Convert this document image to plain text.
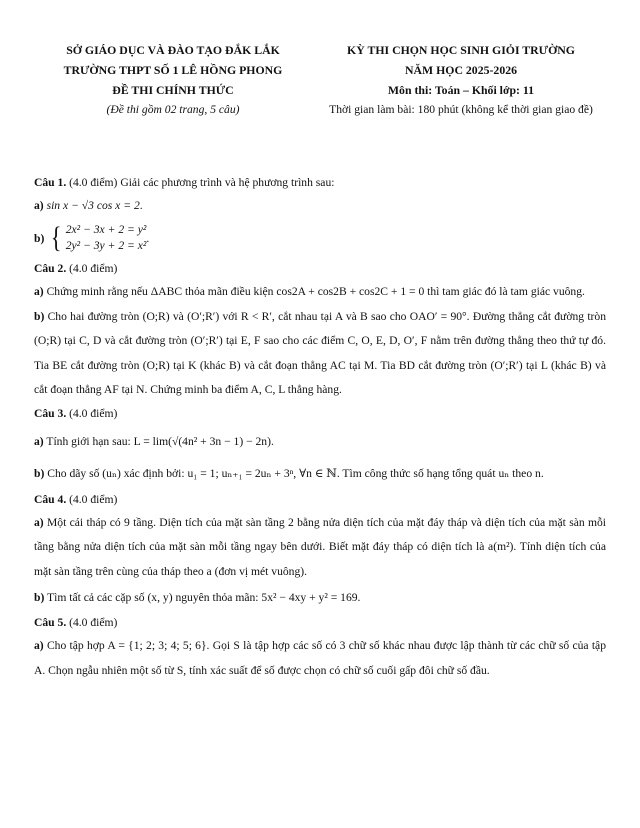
SỞ GIÁO DỤC VÀ ĐÀO TẠO ĐẮK LẮK
TRƯỜNG THPT SỐ 1 LÊ HỒNG PHONG
ĐỀ THI CHÍNH THỨC
(Đề thi gồm 02 trang, 5 câu)
KỲ THI CHỌN HỌC SINH GIỎI TRƯỜNG
NĂM HỌC 2025-2026
Môn thi: Toán – Khối lớp: 11
Thời gian làm bài: 180 phút (không kể thời gian giao đề)

Câu 1. (4.0 điểm) Giải các phương trình và hệ phương trình sau:

a) sin x − √3 cos x = 2.

b) { 2x² − 3x + 2 = y²
2y² − 3y + 2 = x²
.

Câu 2. (4.0 điểm)

a) Chứng minh rằng nếu ΔABC thỏa mãn điều kiện cos2A + cos2B + cos2C + 1 = 0 thì tam giác đó là tam giác vuông.

b) Cho hai đường tròn (O;R) và (O′;R′) với R < R′, cắt nhau tại A và B sao cho OAO′ = 90°. Đường thẳng cắt đường tròn (O;R) tại C, D và cắt đường tròn (O′;R′) tại E, F sao cho các điểm C, O, E, D, O′, F nằm trên đường thẳng theo thứ tự đó. Tia BE cắt đường tròn (O;R) tại K (khác B) và cắt đoạn thẳng AC tại M. Tia BD cắt đường tròn (O′;R′) tại L (khác B) và cắt đoạn thẳng AF tại N. Chứng minh ba điểm A, C, L thẳng hàng.

Câu 3. (4.0 điểm)

a) Tính giới hạn sau: L = lim(√(4n² + 3n − 1) − 2n).

b) Cho dãy số (uₙ) xác định bởi: u₁ = 1; uₙ₊₁ = 2uₙ + 3ⁿ, ∀n ∈ ℕ. Tìm công thức số hạng tổng quát uₙ theo n.

Câu 4. (4.0 điểm)

a) Một cái tháp có 9 tầng. Diện tích của mặt sàn tầng 2 bằng nửa diện tích của mặt đáy tháp và diện tích của mặt sàn mỗi tầng bằng nửa diện tích của mặt sàn mỗi tầng ngay bên dưới. Biết mặt đáy tháp có diện tích là a(m²). Tính diện tích của mặt sàn tầng trên cùng của tháp theo a (đơn vị mét vuông).

b) Tìm tất cả các cặp số (x, y) nguyên thỏa mãn: 5x² − 4xy + y² = 169.

Câu 5. (4.0 điểm)

a) Cho tập hợp A = {1; 2; 3; 4; 5; 6}. Gọi S là tập hợp các số có 3 chữ số khác nhau được lập thành từ các chữ số của tập A. Chọn ngẫu nhiên một số từ S, tính xác suất để số được chọn có chữ số cuối gấp đôi chữ số đầu.
